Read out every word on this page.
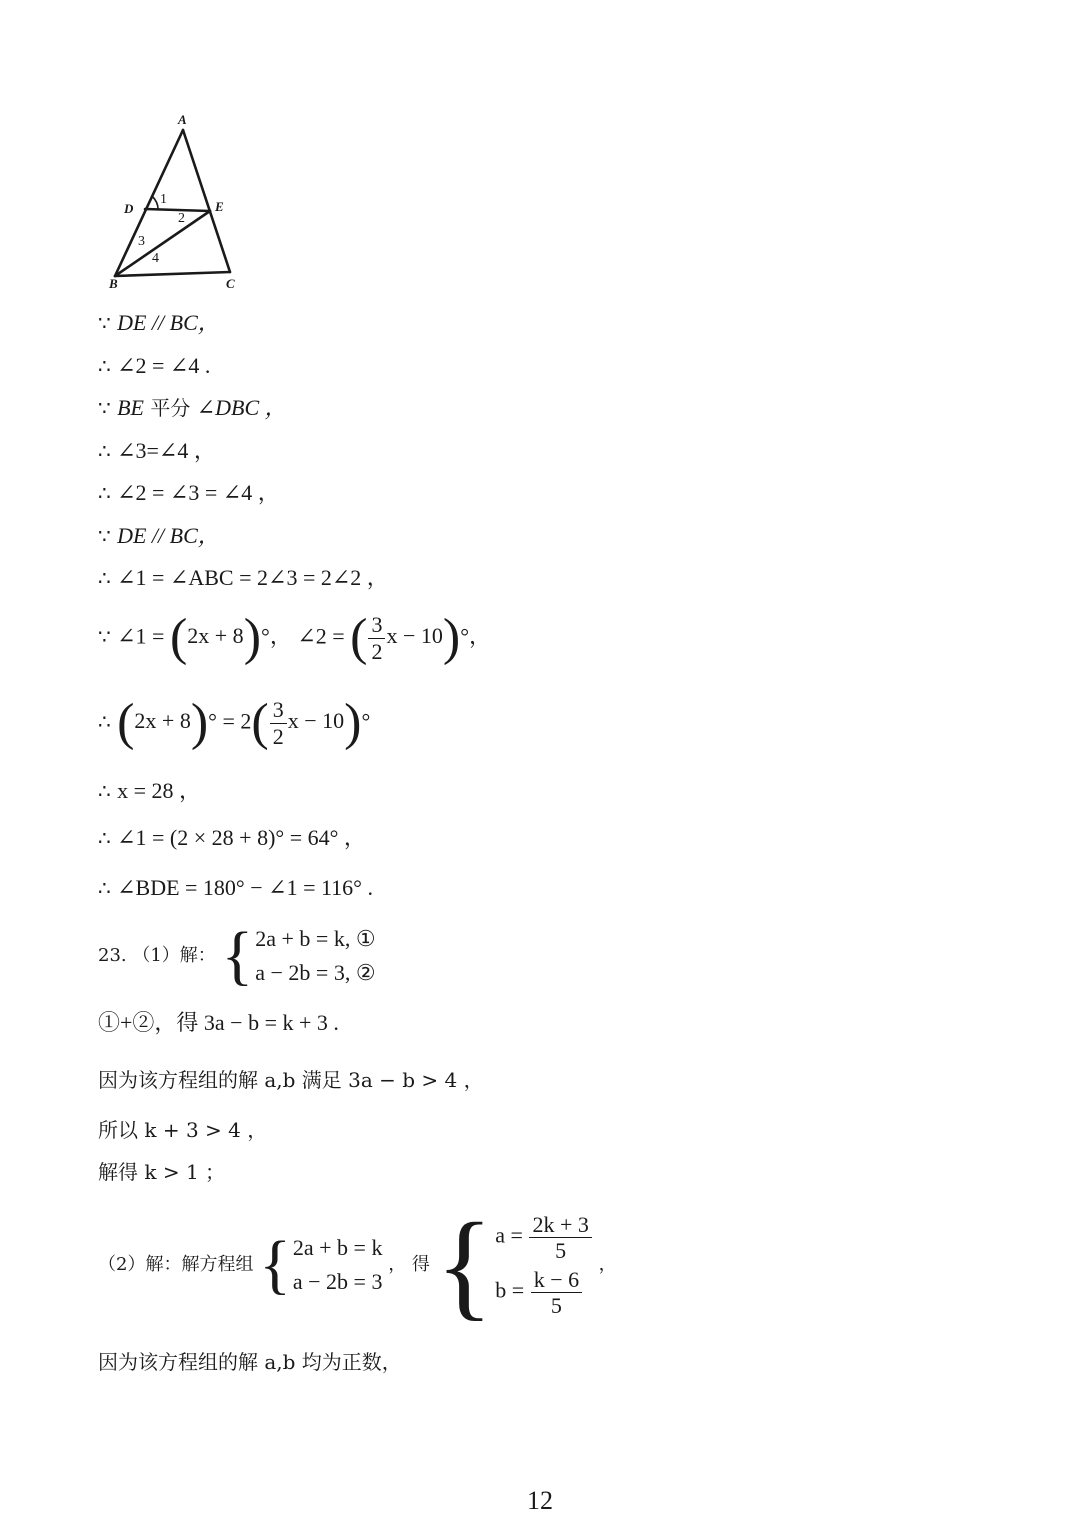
A
D	E
B	C
1
2
3
4
∵ DE // BC，
∴ ∠2 = ∠4 .
∵ BE 平分 ∠DBC ，
∴ ∠3=∠4 ，
∴ ∠2 = ∠3 = ∠4 ，
∵ DE // BC，
∴ ∠1 = ∠ABC = 2∠3 = 2∠2 ，
∵ ∠1 = (2x + 8)°， ∠2 = ( $\frac{3}{2}$ x − 10)°，
∴ $(2x + 8)^\circ = 2( \frac{3}{2}$ x − 10)°
∴ x = 28 ，
∴ ∠1 = (2 × 28 + 8)° = 64° ，
∴ ∠BDE = 180° − ∠1 = 116° .
23. （1）解： { 2a + b = k, ①
a − 2b = 3, ②
①+②，得 3a − b = k + 3 .
因为该方程组的解 a,b 满足 3a − b > 4 ，
所以 k + 3 > 4 ，
解得 k > 1 ；
（2）解：解方程组 { 2a + b = k
a − 2b = 3
， 得 { $a = \frac{2k + 3}{5}$
$b = \frac{k - 6}{5}$
，
因为该方程组的解 a,b 均为正数，
12
